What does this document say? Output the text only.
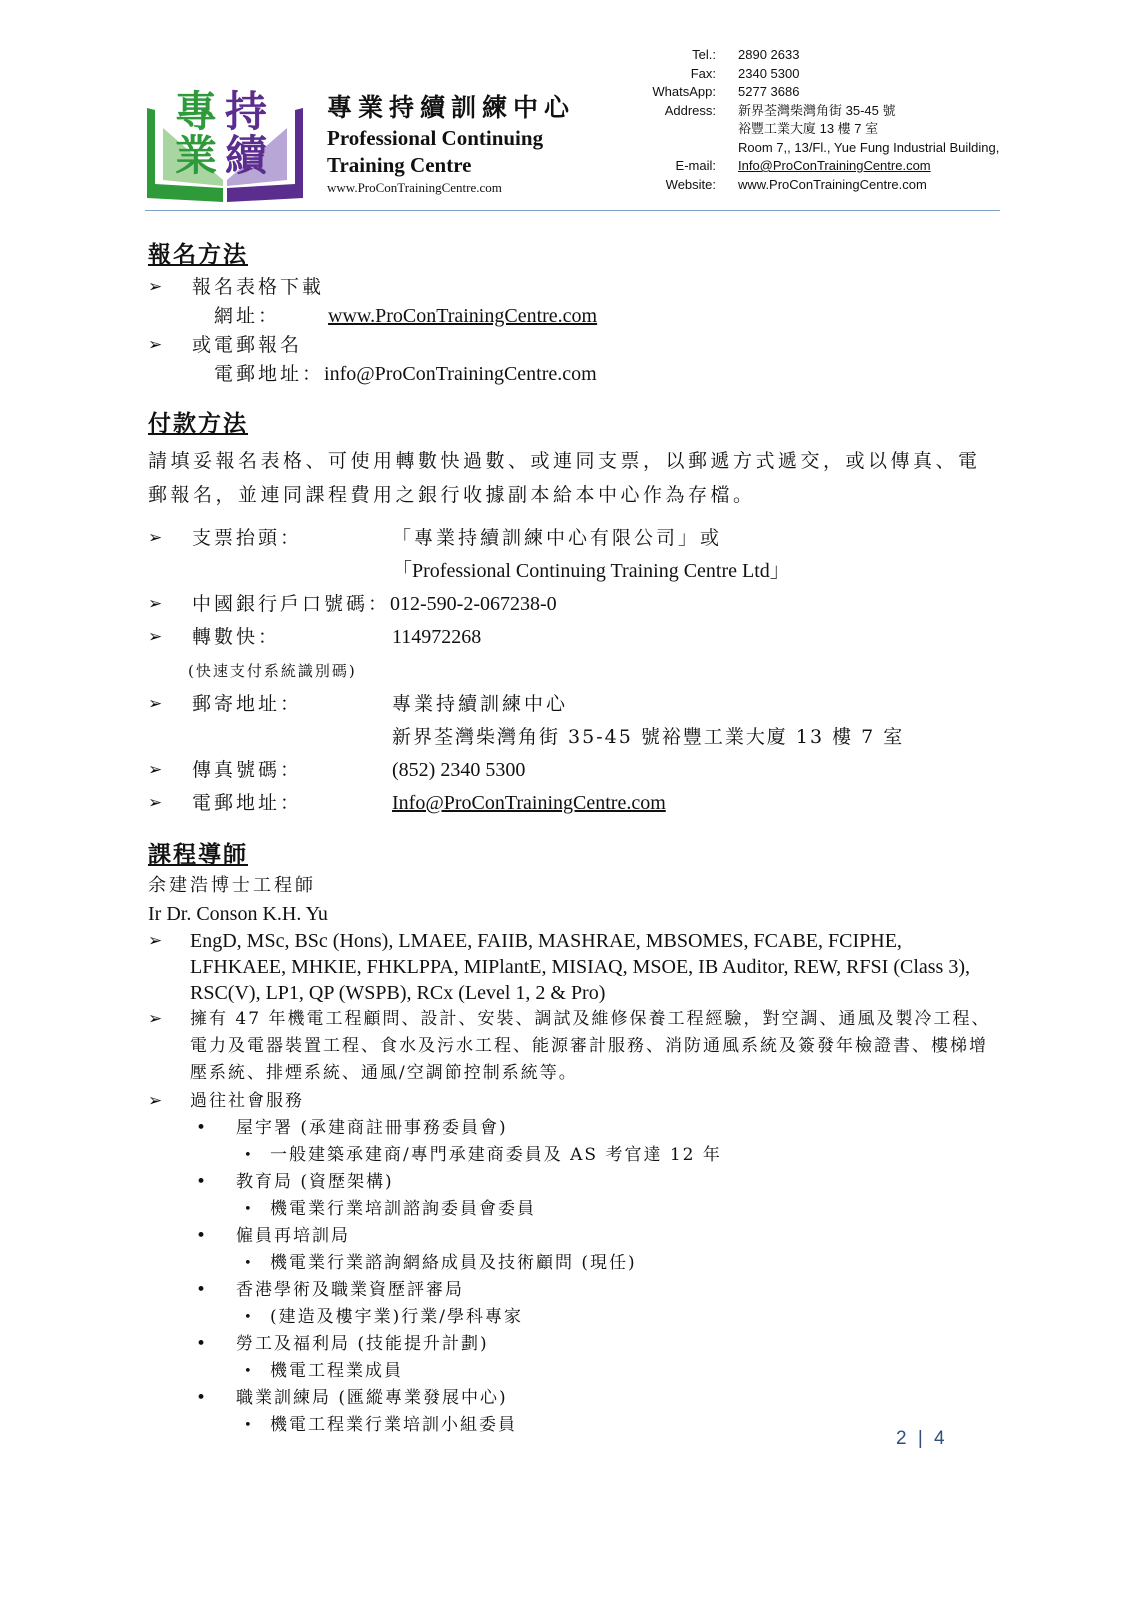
專 持
業 續
專業持續訓練中心
Professional Continuing
Training Centre
www.ProConTrainingCentre.com
Tel.: 2890 2633
Fax: 2340 5300
WhatsApp: 5277 3686
Address: 新界荃灣柴灣角街 35-45 號
裕豐工業大廈 13 樓 7 室
Room 7,, 13/Fl., Yue Fung Industrial Building,
E-mail: Info@ProConTrainingCentre.com
Website: www.ProConTrainingCentre.com
報名方法
➢ 報名表格下載
網址： www.ProConTrainingCentre.com
➢ 或電郵報名
電郵地址：info@ProConTrainingCentre.com
付款方法
請填妥報名表格、可使用轉數快過數、或連同支票，以郵遞方式遞交，或以傳真、電
郵報名，並連同課程費用之銀行收據副本給本中心作為存檔。
➢	支票抬頭：	「專業持續訓練中心有限公司」或
「Professional Continuing Training Centre Ltd」
➢	中國銀行戶口號碼： 012-590-2-067238-0
➢	轉數快：	114972268
(快速支付系統識別碼)
➢	郵寄地址：	專業持續訓練中心
新界荃灣柴灣角街 35-45 號裕豐工業大廈 13 樓 7 室
➢	傳真號碼：	(852) 2340 5300
➢	電郵地址：	Info@ProConTrainingCentre.com
課程導師
余建浩博士工程師
Ir Dr. Conson K.H. Yu
➢ EngD, MSc, BSc (Hons), LMAEE, FAIIB, MASHRAE, MBSOMES, FCABE, FCIPHE, LFHKAEE, MHKIE, FHKLPPA, MIPlantE, MISIAQ, MSOE, IB Auditor, REW, RFSI (Class 3), RSC(V), LP1, QP (WSPB), RCx (Level 1, 2 & Pro)
➢ 擁有 47 年機電工程顧問、設計、安裝、調試及維修保養工程經驗，對空調、通風及製冷工程、電力及電器裝置工程、食水及污水工程、能源審計服務、消防通風系統及簽發年檢證書、樓梯增壓系統、排煙系統、通風/空調節控制系統等。
➢ 過往社會服務
• 屋宇署 (承建商註冊事務委員會)
• 一般建築承建商/專門承建商委員及 AS 考官達 12 年
• 教育局 (資歷架構)
• 機電業行業培訓諮詢委員會委員
• 僱員再培訓局
• 機電業行業諮詢網絡成員及技術顧問 (現任)
• 香港學術及職業資歷評審局
• (建造及樓宇業)行業/學科專家
• 勞工及福利局 (技能提升計劃)
• 機電工程業成員
• 職業訓練局 (匯縱專業發展中心)
• 機電工程業行業培訓小組委員
2 | 4
